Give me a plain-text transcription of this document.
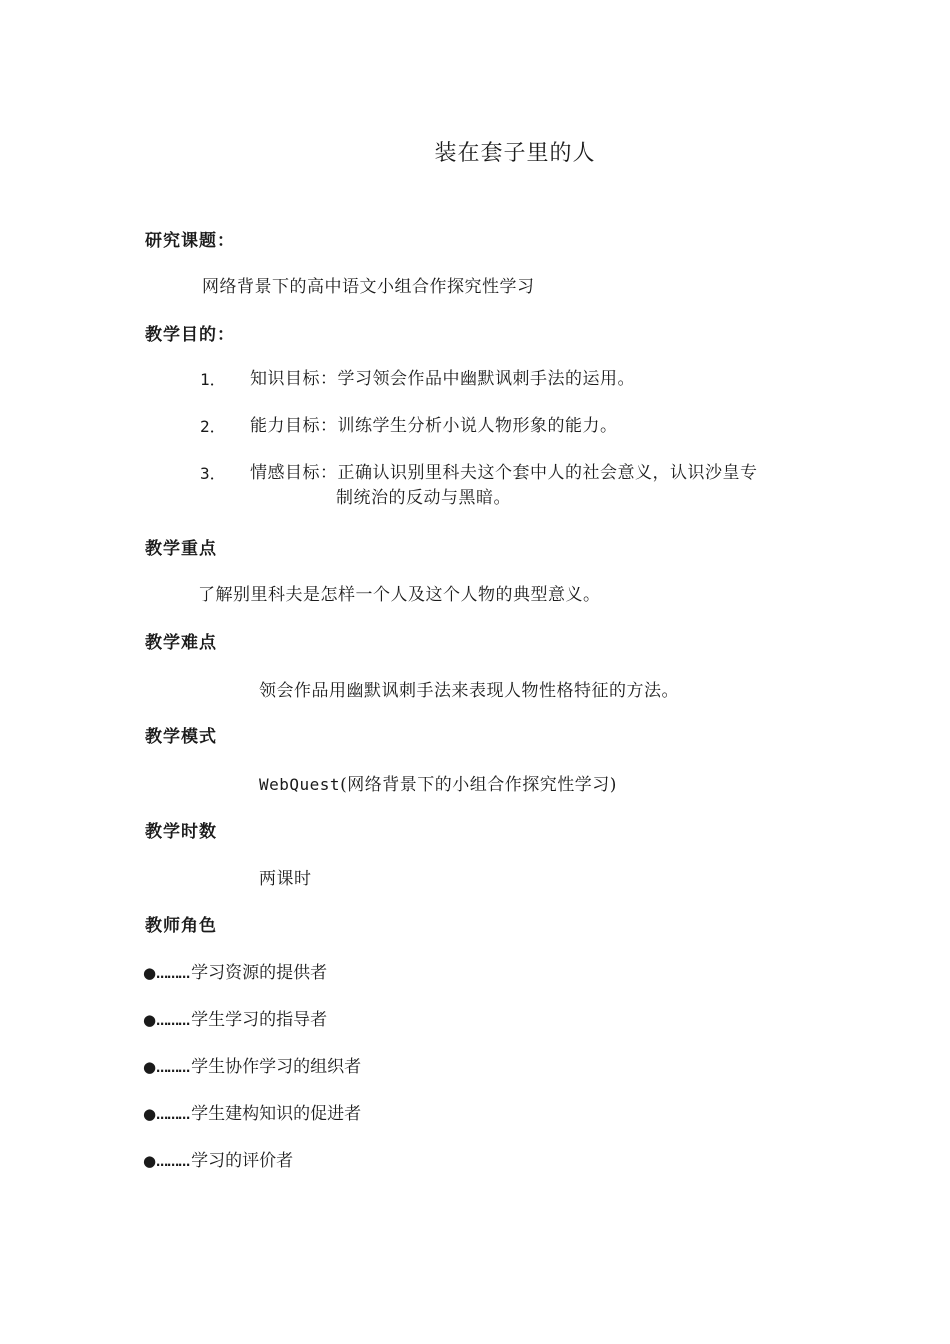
装在套子里的人
研究课题：
网络背景下的高中语文小组合作探究性学习
教学目的：
1． 知识目标：学习领会作品中幽默讽刺手法的运用。
2． 能力目标：训练学生分析小说人物形象的能力。
3． 情感目标：正确认识别里科夫这个套中人的社会意义，认识沙皇专
制统治的反动与黑暗。
教学重点
了解别里科夫是怎样一个人及这个人物的典型意义。
教学难点
领会作品用幽默讽刺手法来表现人物性格特征的方法。
教学模式
WebQuest(网络背景下的小组合作探究性学习)
教学时数
两课时
教师角色
●……… 学习资源的提供者
●……… 学生学习的指导者
●……… 学生协作学习的组织者
●……… 学生建构知识的促进者
●……… 学习的评价者
